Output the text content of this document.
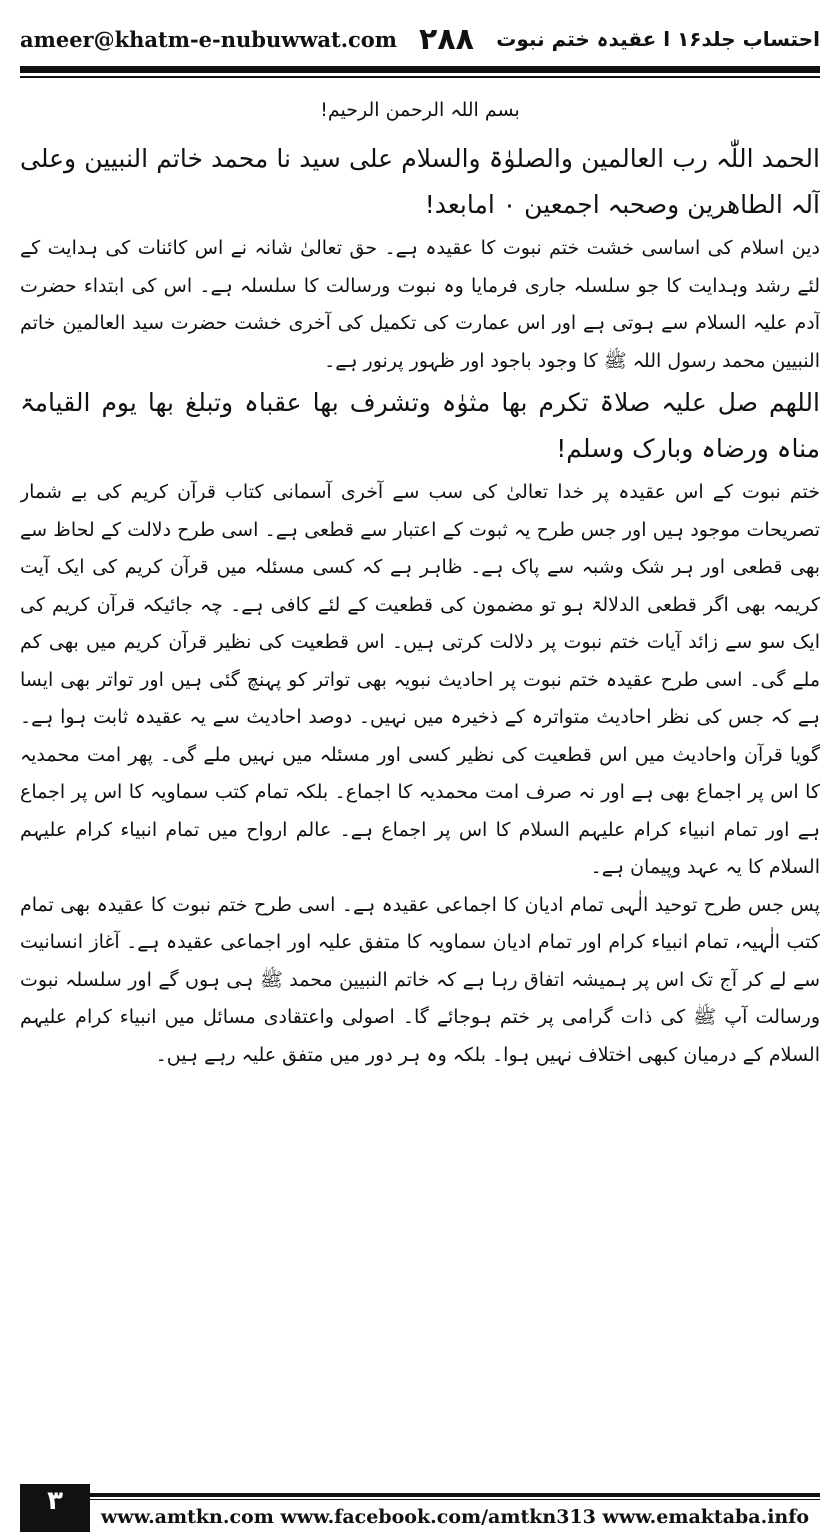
ameer@khatm-e-nubuwwat.com ۲۸۸ احتساب جلد۱۶ ا عقیدہ ختم نبوت

بسم اللہ الرحمن الرحیم!

الحمد اللّٰہ رب العالمین والصلوٰۃ والسلام علی سید نا محمد خاتم النبیین وعلی آلہ الطاھرین وصحبہ اجمعین ۰ امابعد!

دین اسلام کی اساسی خشت ختم نبوت کا عقیدہ ہے۔ حق تعالیٰ شانہ نے اس کائنات کی ہدایت کے لئے رشد وہدایت کا جو سلسلہ جاری فرمایا وہ نبوت ورسالت کا سلسلہ ہے۔ اس کی ابتداء حضرت آدم علیہ السلام سے ہوتی ہے اور اس عمارت کی تکمیل کی آخری خشت حضرت سید العالمین خاتم النبیین محمد رسول اللہ ﷺ کا وجود باجود اور ظہور پرنور ہے۔

اللھم صل علیہ صلاۃ تکرم بھا مثوٰہ وتشرف بھا عقباہ وتبلغ بھا یوم القیامۃ مناہ ورضاہ وبارک وسلم!

ختم نبوت کے اس عقیدہ پر خدا تعالیٰ کی سب سے آخری آسمانی کتاب قرآن کریم کی بے شمار تصریحات موجود ہیں اور جس طرح یہ ثبوت کے اعتبار سے قطعی ہے۔ اسی طرح دلالت کے لحاظ سے بھی قطعی اور ہر شک وشبہ سے پاک ہے۔ ظاہر ہے کہ کسی مسئلہ میں قرآن کریم کی ایک آیت کریمہ بھی اگر قطعی الدلالۃ ہو تو مضمون کی قطعیت کے لئے کافی ہے۔ چہ جائیکہ قرآن کریم کی ایک سو سے زائد آیات ختم نبوت پر دلالت کرتی ہیں۔ اس قطعیت کی نظیر قرآن کریم میں بھی کم ملے گی۔ اسی طرح عقیدہ ختم نبوت پر احادیث نبویہ بھی تواتر کو پہنچ گئی ہیں اور تواتر بھی ایسا ہے کہ جس کی نظر احادیث متواترہ کے ذخیرہ میں نہیں۔ دوصد احادیث سے یہ عقیدہ ثابت ہوا ہے۔ گویا قرآن واحادیث میں اس قطعیت کی نظیر کسی اور مسئلہ میں نہیں ملے گی۔ پھر امت محمدیہ کا اس پر اجماع بھی ہے اور نہ صرف امت محمدیہ کا اجماع۔ بلکہ تمام کتب سماویہ کا اس پر اجماع ہے اور تمام انبیاء کرام علیہم السلام کا اس پر اجماع ہے۔ عالم ارواح میں تمام انبیاء کرام علیہم السلام کا یہ عہد وپیمان ہے۔

پس جس طرح توحید الٰہی تمام ادیان کا اجماعی عقیدہ ہے۔ اسی طرح ختم نبوت کا عقیدہ بھی تمام کتب الٰہیہ، تمام انبیاء کرام اور تمام ادیان سماویہ کا متفق علیہ اور اجماعی عقیدہ ہے۔ آغاز انسانیت سے لے کر آج تک اس پر ہمیشہ اتفاق رہا ہے کہ خاتم النبیین محمد ﷺ ہی ہوں گے اور سلسلہ نبوت ورسالت آپ ﷺ کی ذات گرامی پر ختم ہوجائے گا۔ اصولی واعتقادی مسائل میں انبیاء کرام علیہم السلام کے درمیان کبھی اختلاف نہیں ہوا۔ بلکہ وہ ہر دور میں متفق علیہ رہے ہیں۔

۳
www.amtkn.com www.facebook.com/amtkn313 www.emaktaba.info
